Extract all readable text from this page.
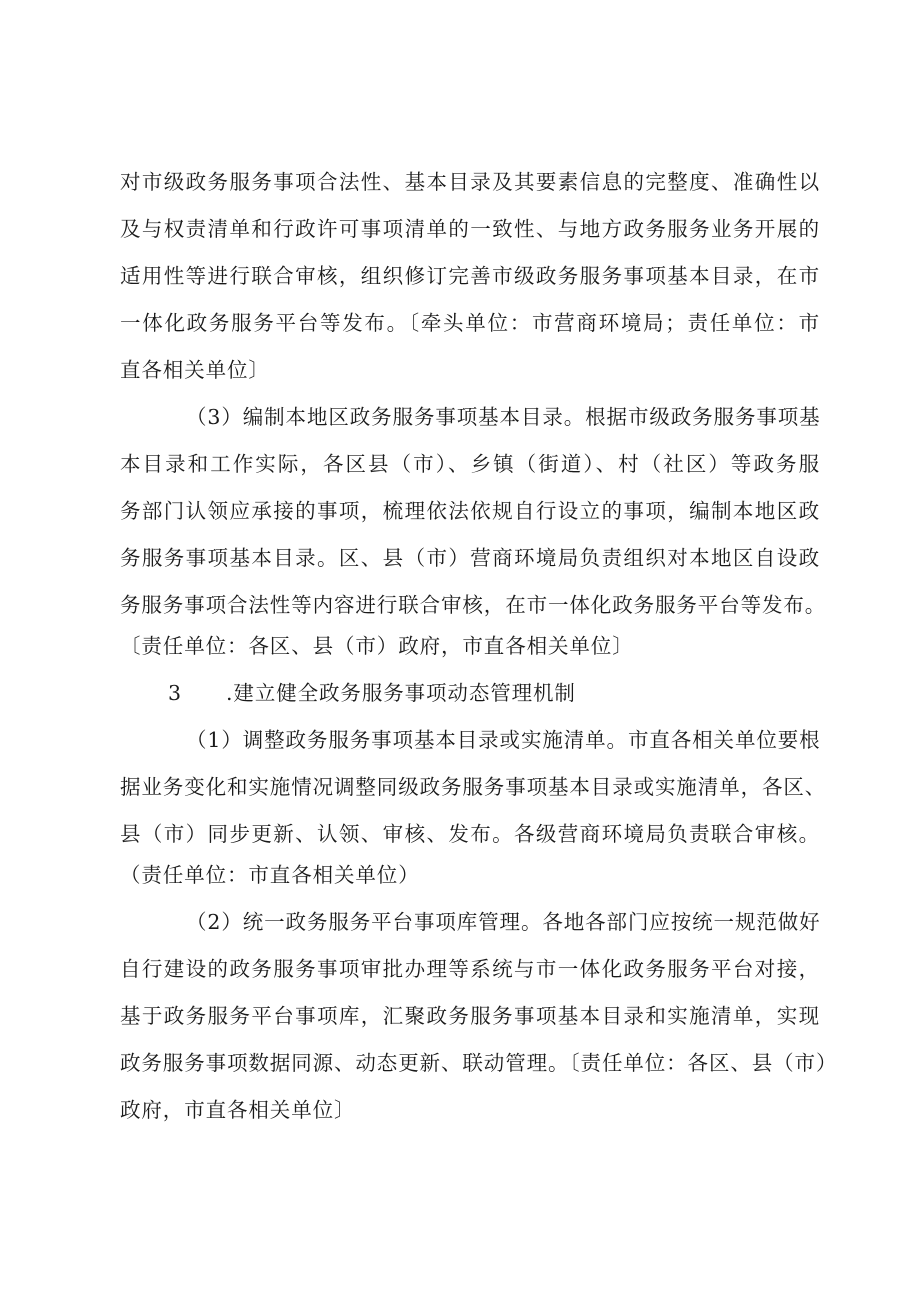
对市级政务服务事项合法性、基本目录及其要素信息的完整度、准确性以
及与权责清单和行政许可事项清单的一致性、与地方政务服务业务开展的
适用性等进行联合审核，组织修订完善市级政务服务事项基本目录，在市
一体化政务服务平台等发布。〔牵头单位：市营商环境局；责任单位：市
直各相关单位〕
（3）编制本地区政务服务事项基本目录。根据市级政务服务事项基
本目录和工作实际，各区县（市）、乡镇（街道）、村（社区）等政务服
务部门认领应承接的事项，梳理依法依规自行设立的事项，编制本地区政
务服务事项基本目录。区、县（市）营商环境局负责组织对本地区自设政
务服务事项合法性等内容进行联合审核，在市一体化政务服务平台等发布。
〔责任单位：各区、县（市）政府，市直各相关单位〕
3 .建立健全政务服务事项动态管理机制
（1）调整政务服务事项基本目录或实施清单。市直各相关单位要根
据业务变化和实施情况调整同级政务服务事项基本目录或实施清单，各区、
县（市）同步更新、认领、审核、发布。各级营商环境局负责联合审核。
（责任单位：市直各相关单位）
（2）统一政务服务平台事项库管理。各地各部门应按统一规范做好
自行建设的政务服务事项审批办理等系统与市一体化政务服务平台对接，
基于政务服务平台事项库，汇聚政务服务事项基本目录和实施清单，实现
政务服务事项数据同源、动态更新、联动管理。〔责任单位：各区、县（市）
政府，市直各相关单位〕
